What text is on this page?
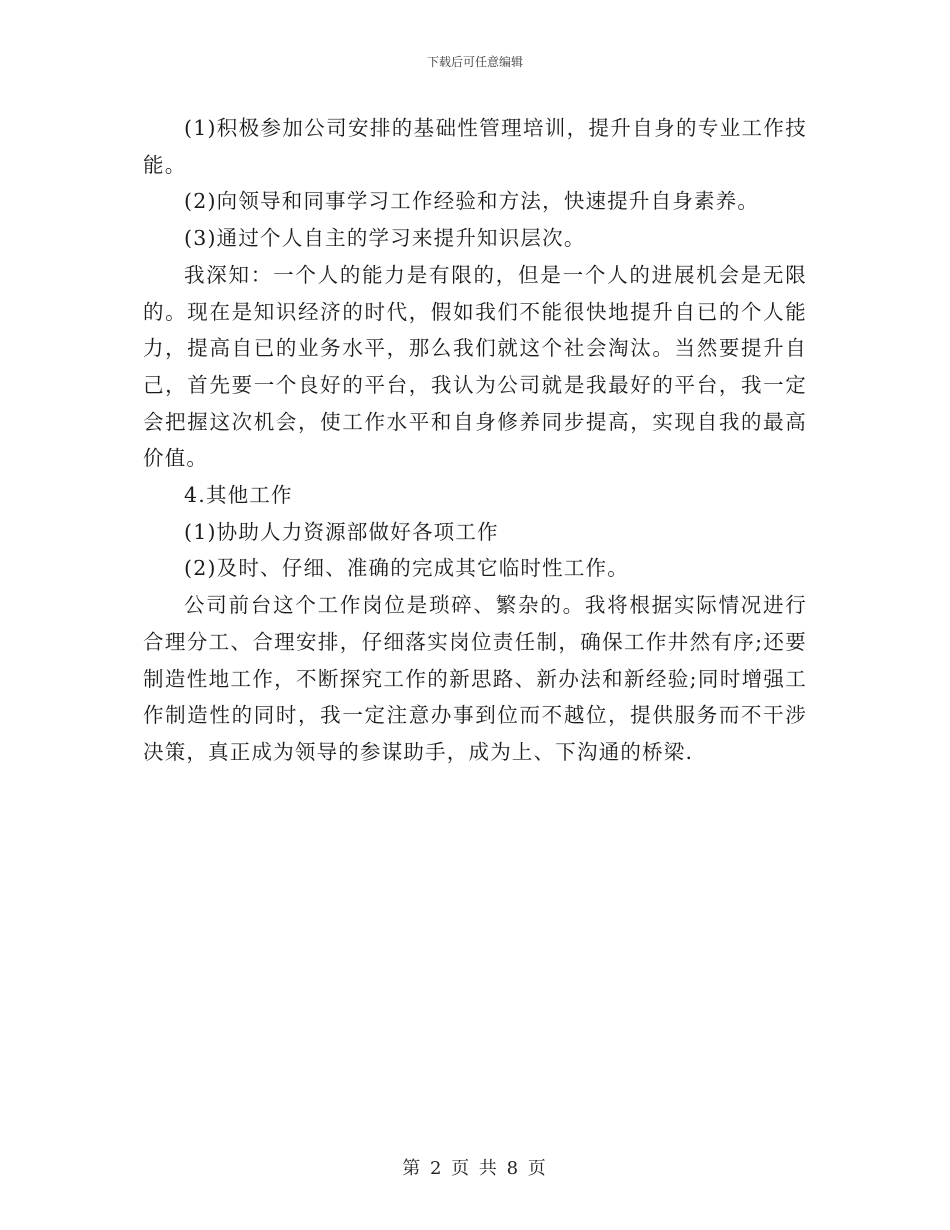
下载后可任意编辑

(1)积极参加公司安排的基础性管理培训，提升自身的专业工作技能。

(2)向领导和同事学习工作经验和方法，快速提升自身素养。

(3)通过个人自主的学习来提升知识层次。

我深知：一个人的能力是有限的，但是一个人的进展机会是无限的。现在是知识经济的时代，假如我们不能很快地提升自已的个人能力，提高自已的业务水平，那么我们就这个社会淘汰。当然要提升自己，首先要一个良好的平台，我认为公司就是我最好的平台，我一定会把握这次机会，使工作水平和自身修养同步提高，实现自我的最高价值。

4.其他工作

(1)协助人力资源部做好各项工作

(2)及时、仔细、准确的完成其它临时性工作。

公司前台这个工作岗位是琐碎、繁杂的。我将根据实际情况进行合理分工、合理安排，仔细落实岗位责任制，确保工作井然有序;还要制造性地工作，不断探究工作的新思路、新办法和新经验;同时增强工作制造性的同时，我一定注意办事到位而不越位，提供服务而不干涉决策，真正成为领导的参谋助手，成为上、下沟通的桥梁.

第 2 页 共 8 页
